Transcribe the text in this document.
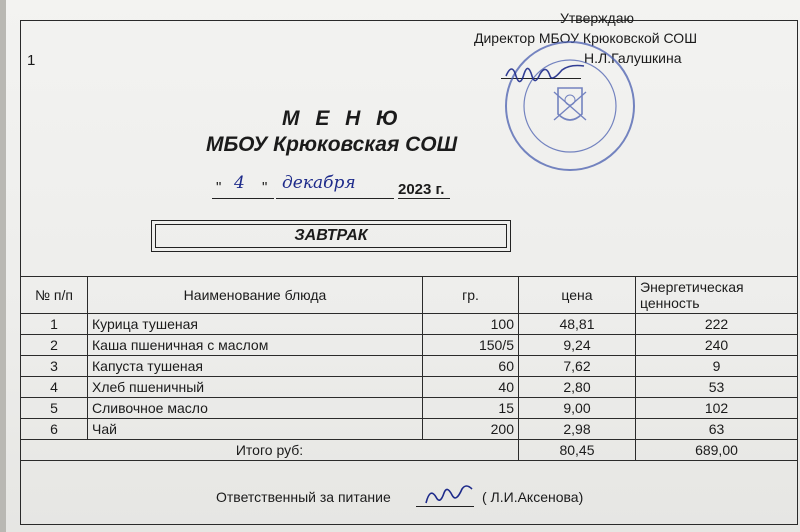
1
Утверждаю
Директор МБОУ Крюковской СОШ
Н.Л.Галушкина
М Е Н Ю
МБОУ Крюковская СОШ
" 4 " декабря	2023 г.
ЗАВТРАК
№ п/п	Наименование блюда	гр.	цена	Энергетическая ценность
1	Курица тушеная	100	48,81	222
2	Каша пшеничная с маслом	150/5	9,24	240
3	Капуста тушеная	60	7,62	9
4	Хлеб пшеничный	40	2,80	53
5	Сливочное масло	15	9,00	102
6	Чай	200	2,98	63
Итого руб:			80,45	689,00
Ответственный за питание	( Л.И.Аксенова)
